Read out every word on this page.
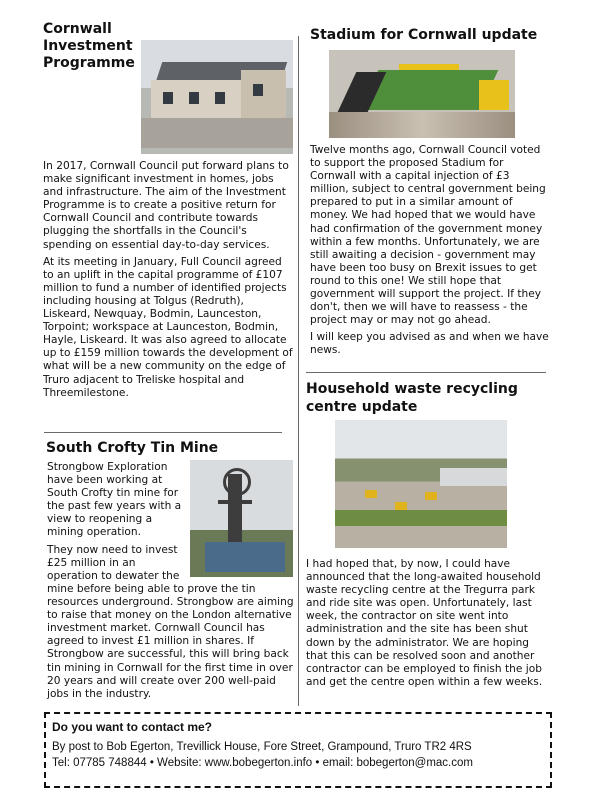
Cornwall Investment Programme

In 2017, Cornwall Council put forward plans to make significant investment in homes, jobs and infrastructure. The aim of the Investment Programme is to create a positive return for Cornwall Council and contribute towards plugging the shortfalls in the Council's spending on essential day-to-day services.

At its meeting in January, Full Council agreed to an uplift in the capital programme of £107 million to fund a number of identified projects including housing at Tolgus (Redruth), Liskeard, Newquay, Bodmin, Launceston, Torpoint; workspace at Launceston, Bodmin, Hayle, Liskeard. It was also agreed to allocate up to £159 million towards the development of what will be a new community on the edge of Truro adjacent to Treliske hospital and Threemilestone.

South Crofty Tin Mine

Strongbow Exploration have been working at South Crofty tin mine for the past few years with a view to reopening a mining operation.

They now need to invest £25 million in an operation to dewater the

mine before being able to prove the tin resources underground. Strongbow are aiming to raise that money on the London alternative investment market. Cornwall Council has agreed to invest £1 million in shares. If Strongbow are successful, this will bring back tin mining in Cornwall for the first time in over 20 years and will create over 200 well-paid jobs in the industry.

Stadium for Cornwall update

Twelve months ago, Cornwall Council voted to support the proposed Stadium for Cornwall with a capital injection of £3 million, subject to central government being prepared to put in a similar amount of money. We had hoped that we would have had confirmation of the government money within a few months. Unfortunately, we are still awaiting a decision - government may have been too busy on Brexit issues to get round to this one! We still hope that government will support the project. If they don't, then we will have to reassess - the project may or may not go ahead.

I will keep you advised as and when we have news.

Household waste recycling centre update

I had hoped that, by now, I could have announced that the long-awaited household waste recycling centre at the Tregurra park and ride site was open. Unfortunately, last week, the contractor on site went into administration and the site has been shut down by the administrator. We are hoping that this can be resolved soon and another contractor can be employed to finish the job and get the centre open within a few weeks.

Do you want to contact me?
By post to Bob Egerton, Trevillick House, Fore Street, Grampound, Truro TR2 4RS
Tel: 07785 748844 • Website: www.bobegerton.info • email: bobegerton@mac.com
